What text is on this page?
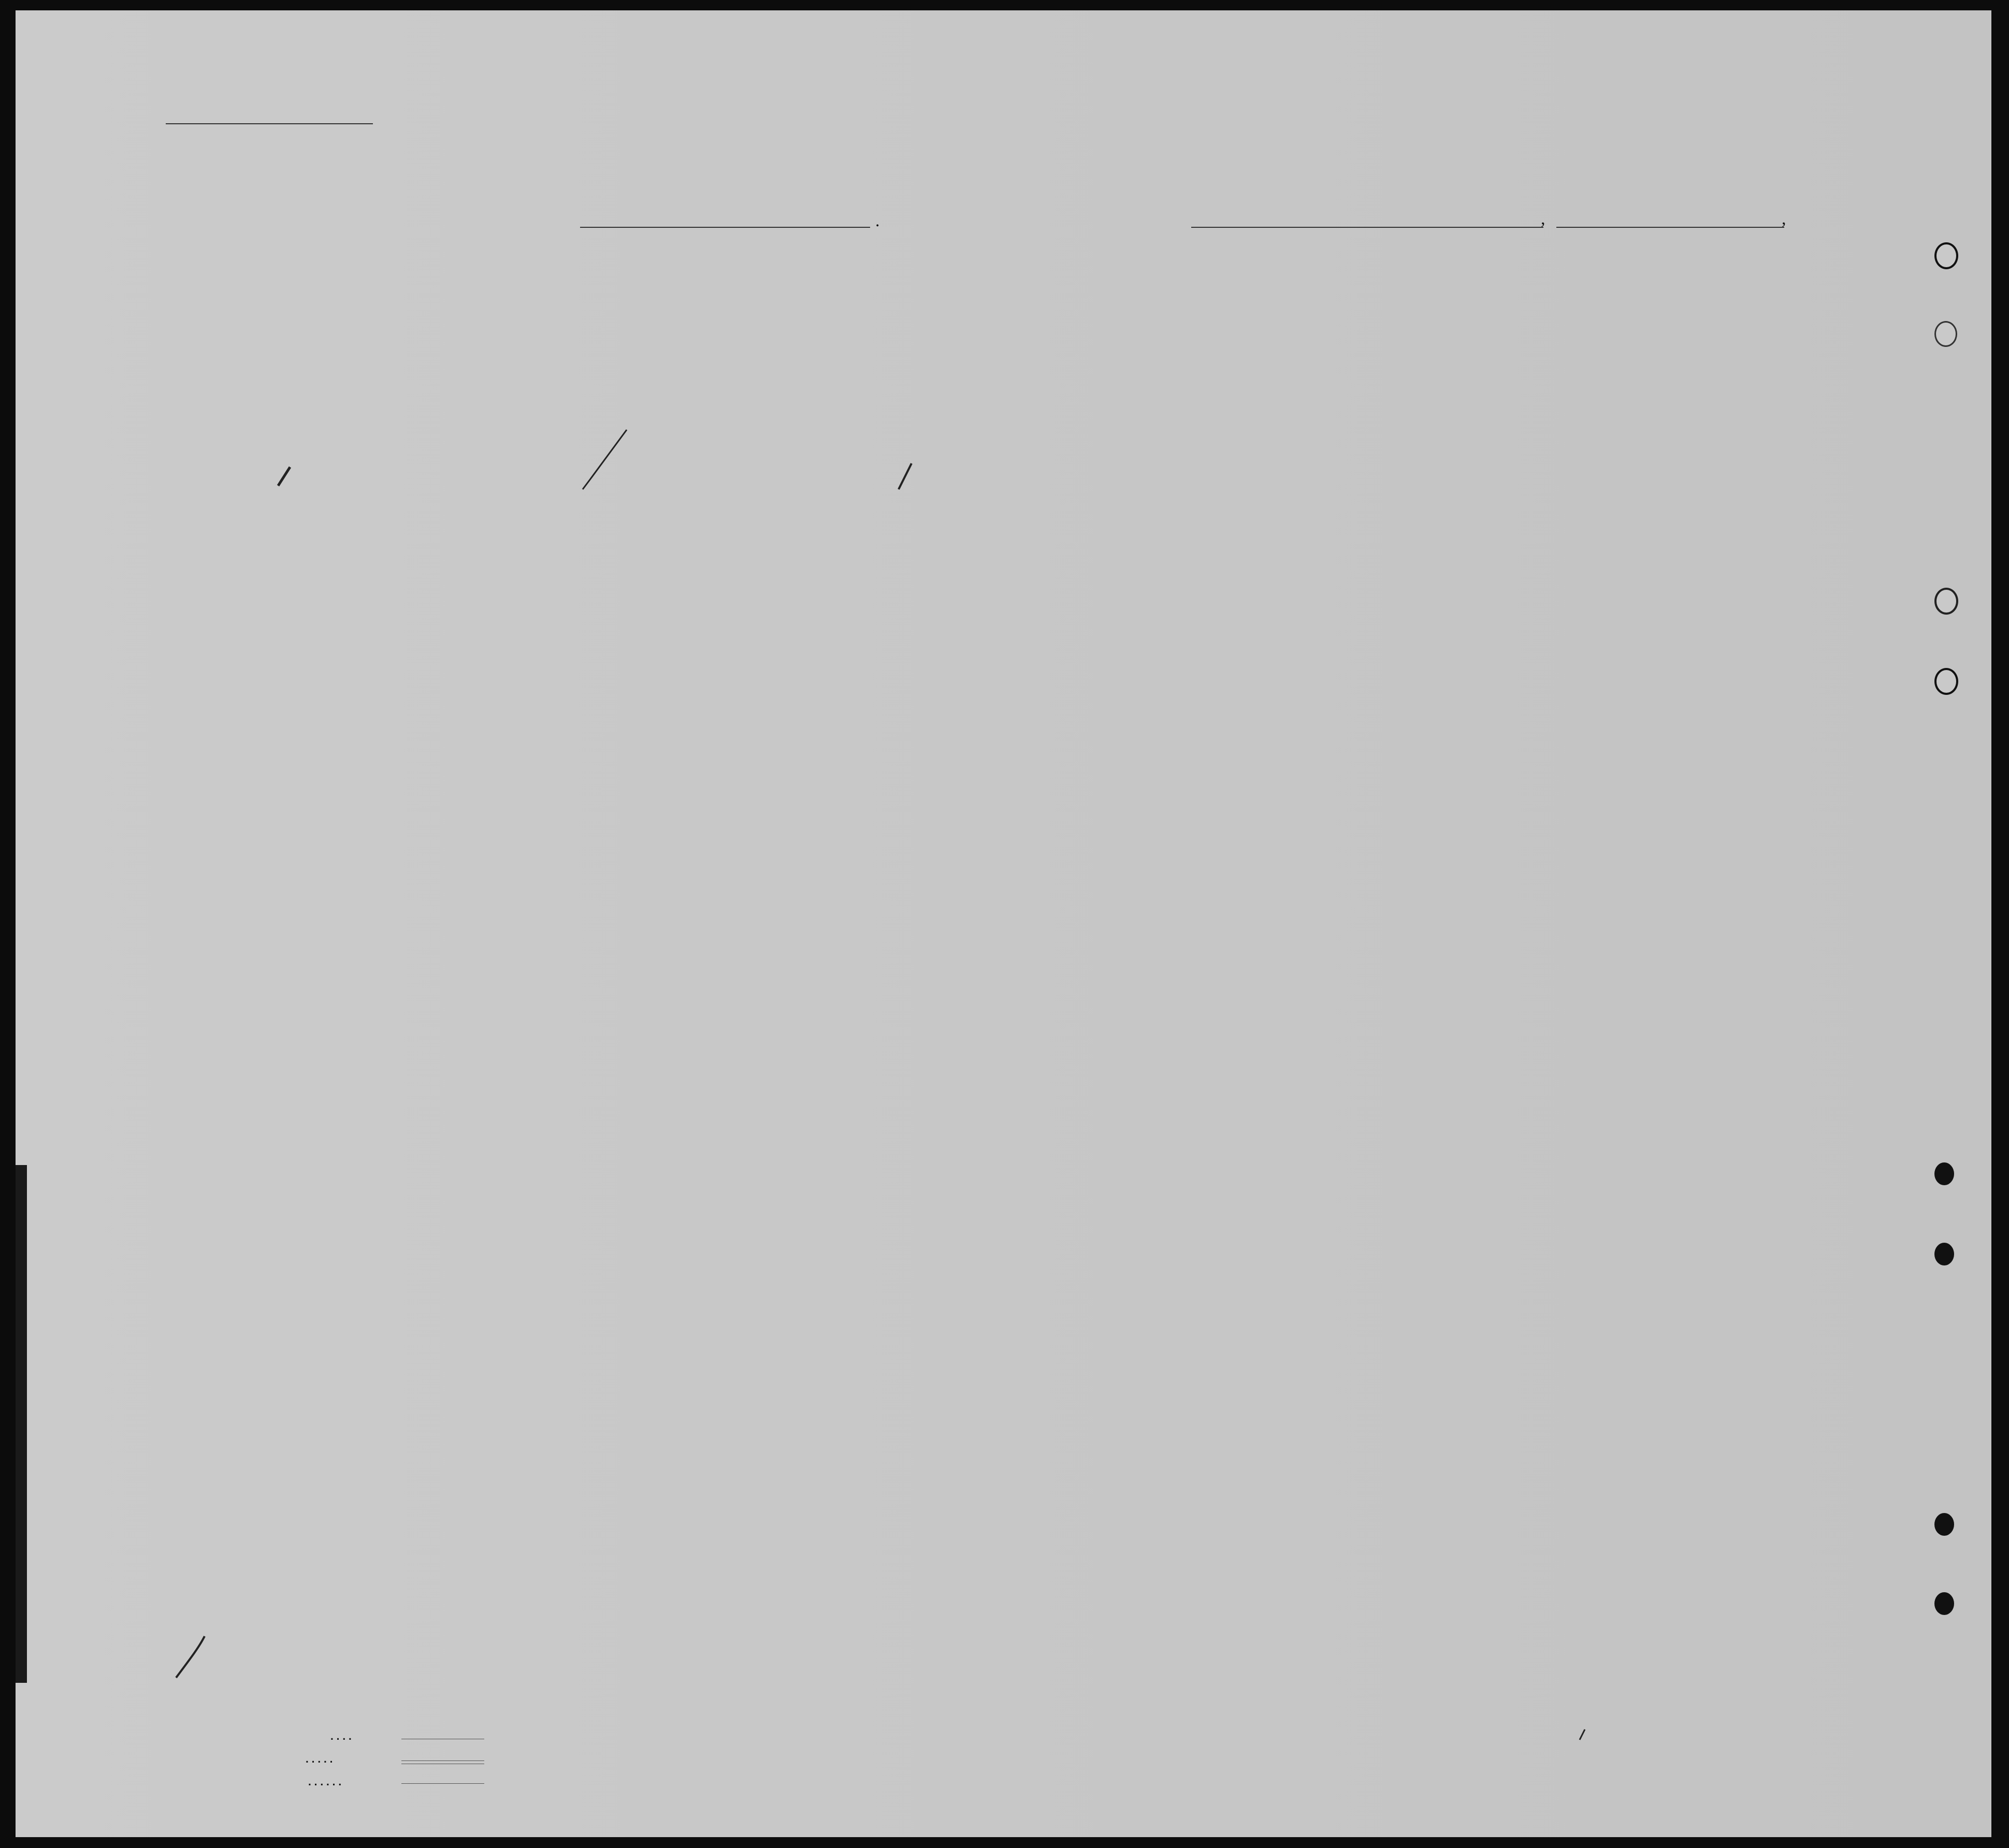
.	,	,
. . . .
. . . . .
. . . . . .
